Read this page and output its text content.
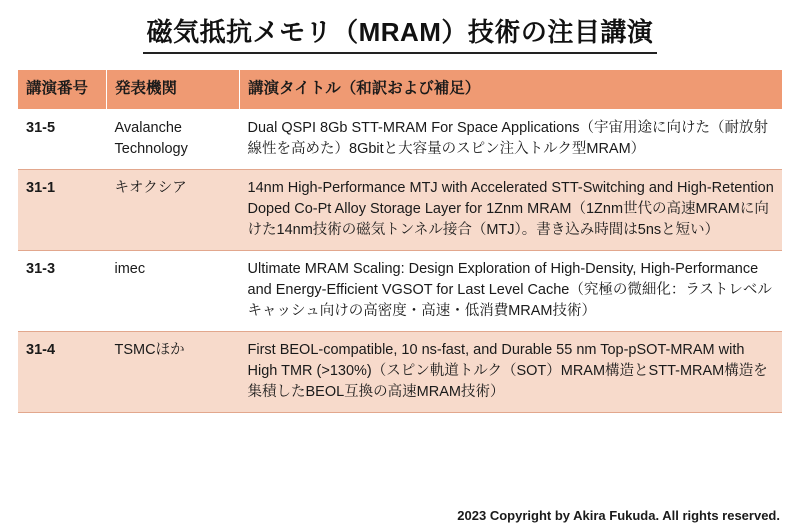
磁気抵抗メモリ（MRAM）技術の注目講演
講演番号	発表機関	講演タイトル（和訳および補足）
31-5	Avalanche Technology	Dual QSPI 8Gb STT-MRAM For Space Applications（宇宙用途に向けた（耐放射線性を高めた）8Gbitと大容量のスピン注入トルク型MRAM）
31-1	キオクシア	14nm High-Performance MTJ with Accelerated STT-Switching and High-Retention Doped Co-Pt Alloy Storage Layer for 1Znm MRAM（1Znm世代の高速MRAMに向けた14nm技術の磁気トンネル接合（MTJ）。書き込み時間は5nsと短い）
31-3	imec	Ultimate MRAM Scaling: Design Exploration of High-Density, High-Performance and Energy-Efficient VGSOT for Last Level Cache（究極の微細化：ラストレベルキャッシュ向けの高密度・高速・低消費MRAM技術）
31-4	TSMCほか	First BEOL-compatible, 10 ns-fast, and Durable 55 nm Top-pSOT-MRAM with High TMR (>130%)（スピン軌道トルク（SOT）MRAM構造とSTT-MRAM構造を集積したBEOL互換の高速MRAM技術）
2023 Copyright by Akira Fukuda. All rights reserved.
